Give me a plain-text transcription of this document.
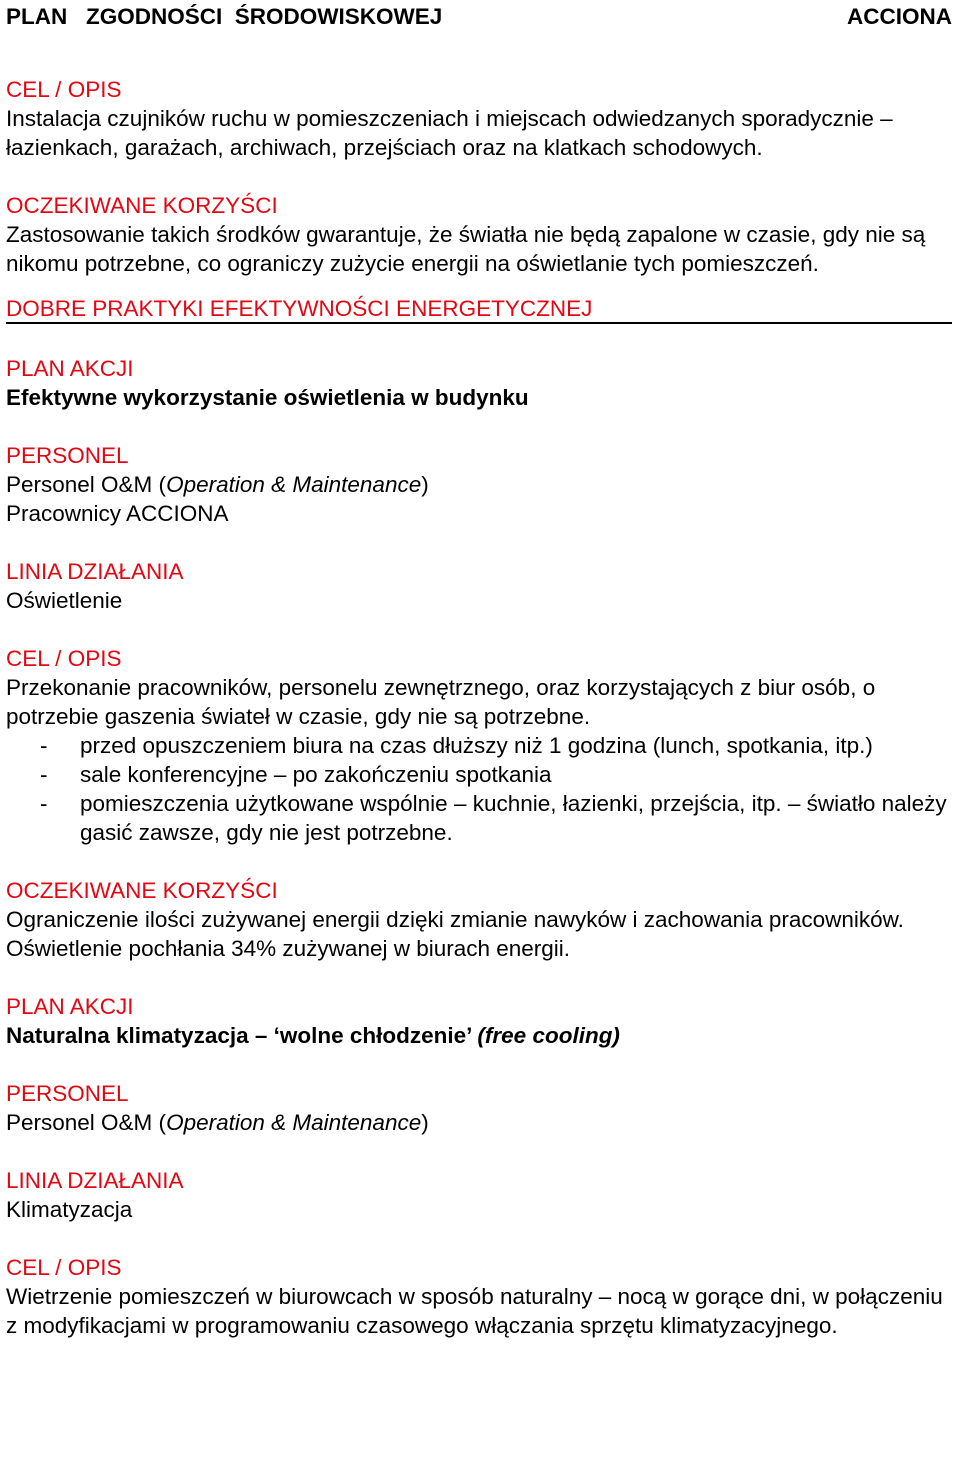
PLAN   ZGODNOŚCI  ŚRODOWISKOWEJ	ACCIONA
CEL / OPIS
Instalacja czujników ruchu w pomieszczeniach i miejscach odwiedzanych sporadycznie – łazienkach, garażach, archiwach, przejściach oraz na klatkach schodowych.
OCZEKIWANE KORZYŚCI
Zastosowanie takich środków gwarantuje, że światła nie będą zapalone w czasie, gdy nie są nikomu potrzebne, co ograniczy zużycie energii na oświetlanie tych pomieszczeń.
DOBRE PRAKTYKI EFEKTYWNOŚCI ENERGETYCZNEJ
PLAN AKCJI
Efektywne wykorzystanie oświetlenia w budynku
PERSONEL
Personel O&M (Operation & Maintenance)
Pracownicy ACCIONA
LINIA DZIAŁANIA
Oświetlenie
CEL / OPIS
Przekonanie pracowników, personelu zewnętrznego, oraz korzystających z biur osób, o potrzebie gaszenia świateł w czasie, gdy nie są potrzebne.
- przed opuszczeniem biura na czas dłuższy niż 1 godzina (lunch, spotkania, itp.)
- sale konferencyjne – po zakończeniu spotkania
- pomieszczenia użytkowane wspólnie – kuchnie, łazienki, przejścia, itp. – światło należy gasić zawsze, gdy nie jest potrzebne.
OCZEKIWANE KORZYŚCI
Ograniczenie ilości zużywanej energii dzięki zmianie nawyków i zachowania pracowników. Oświetlenie pochłania 34% zużywanej w biurach energii.
PLAN AKCJI
Naturalna klimatyzacja – ‘wolne chłodzenie’ (free cooling)
PERSONEL
Personel O&M (Operation & Maintenance)
LINIA DZIAŁANIA
Klimatyzacja
CEL / OPIS
Wietrzenie pomieszczeń w biurowcach w sposób naturalny – nocą w gorące dni, w połączeniu z modyfikacjami w programowaniu czasowego włączania sprzętu klimatyzacyjnego.
